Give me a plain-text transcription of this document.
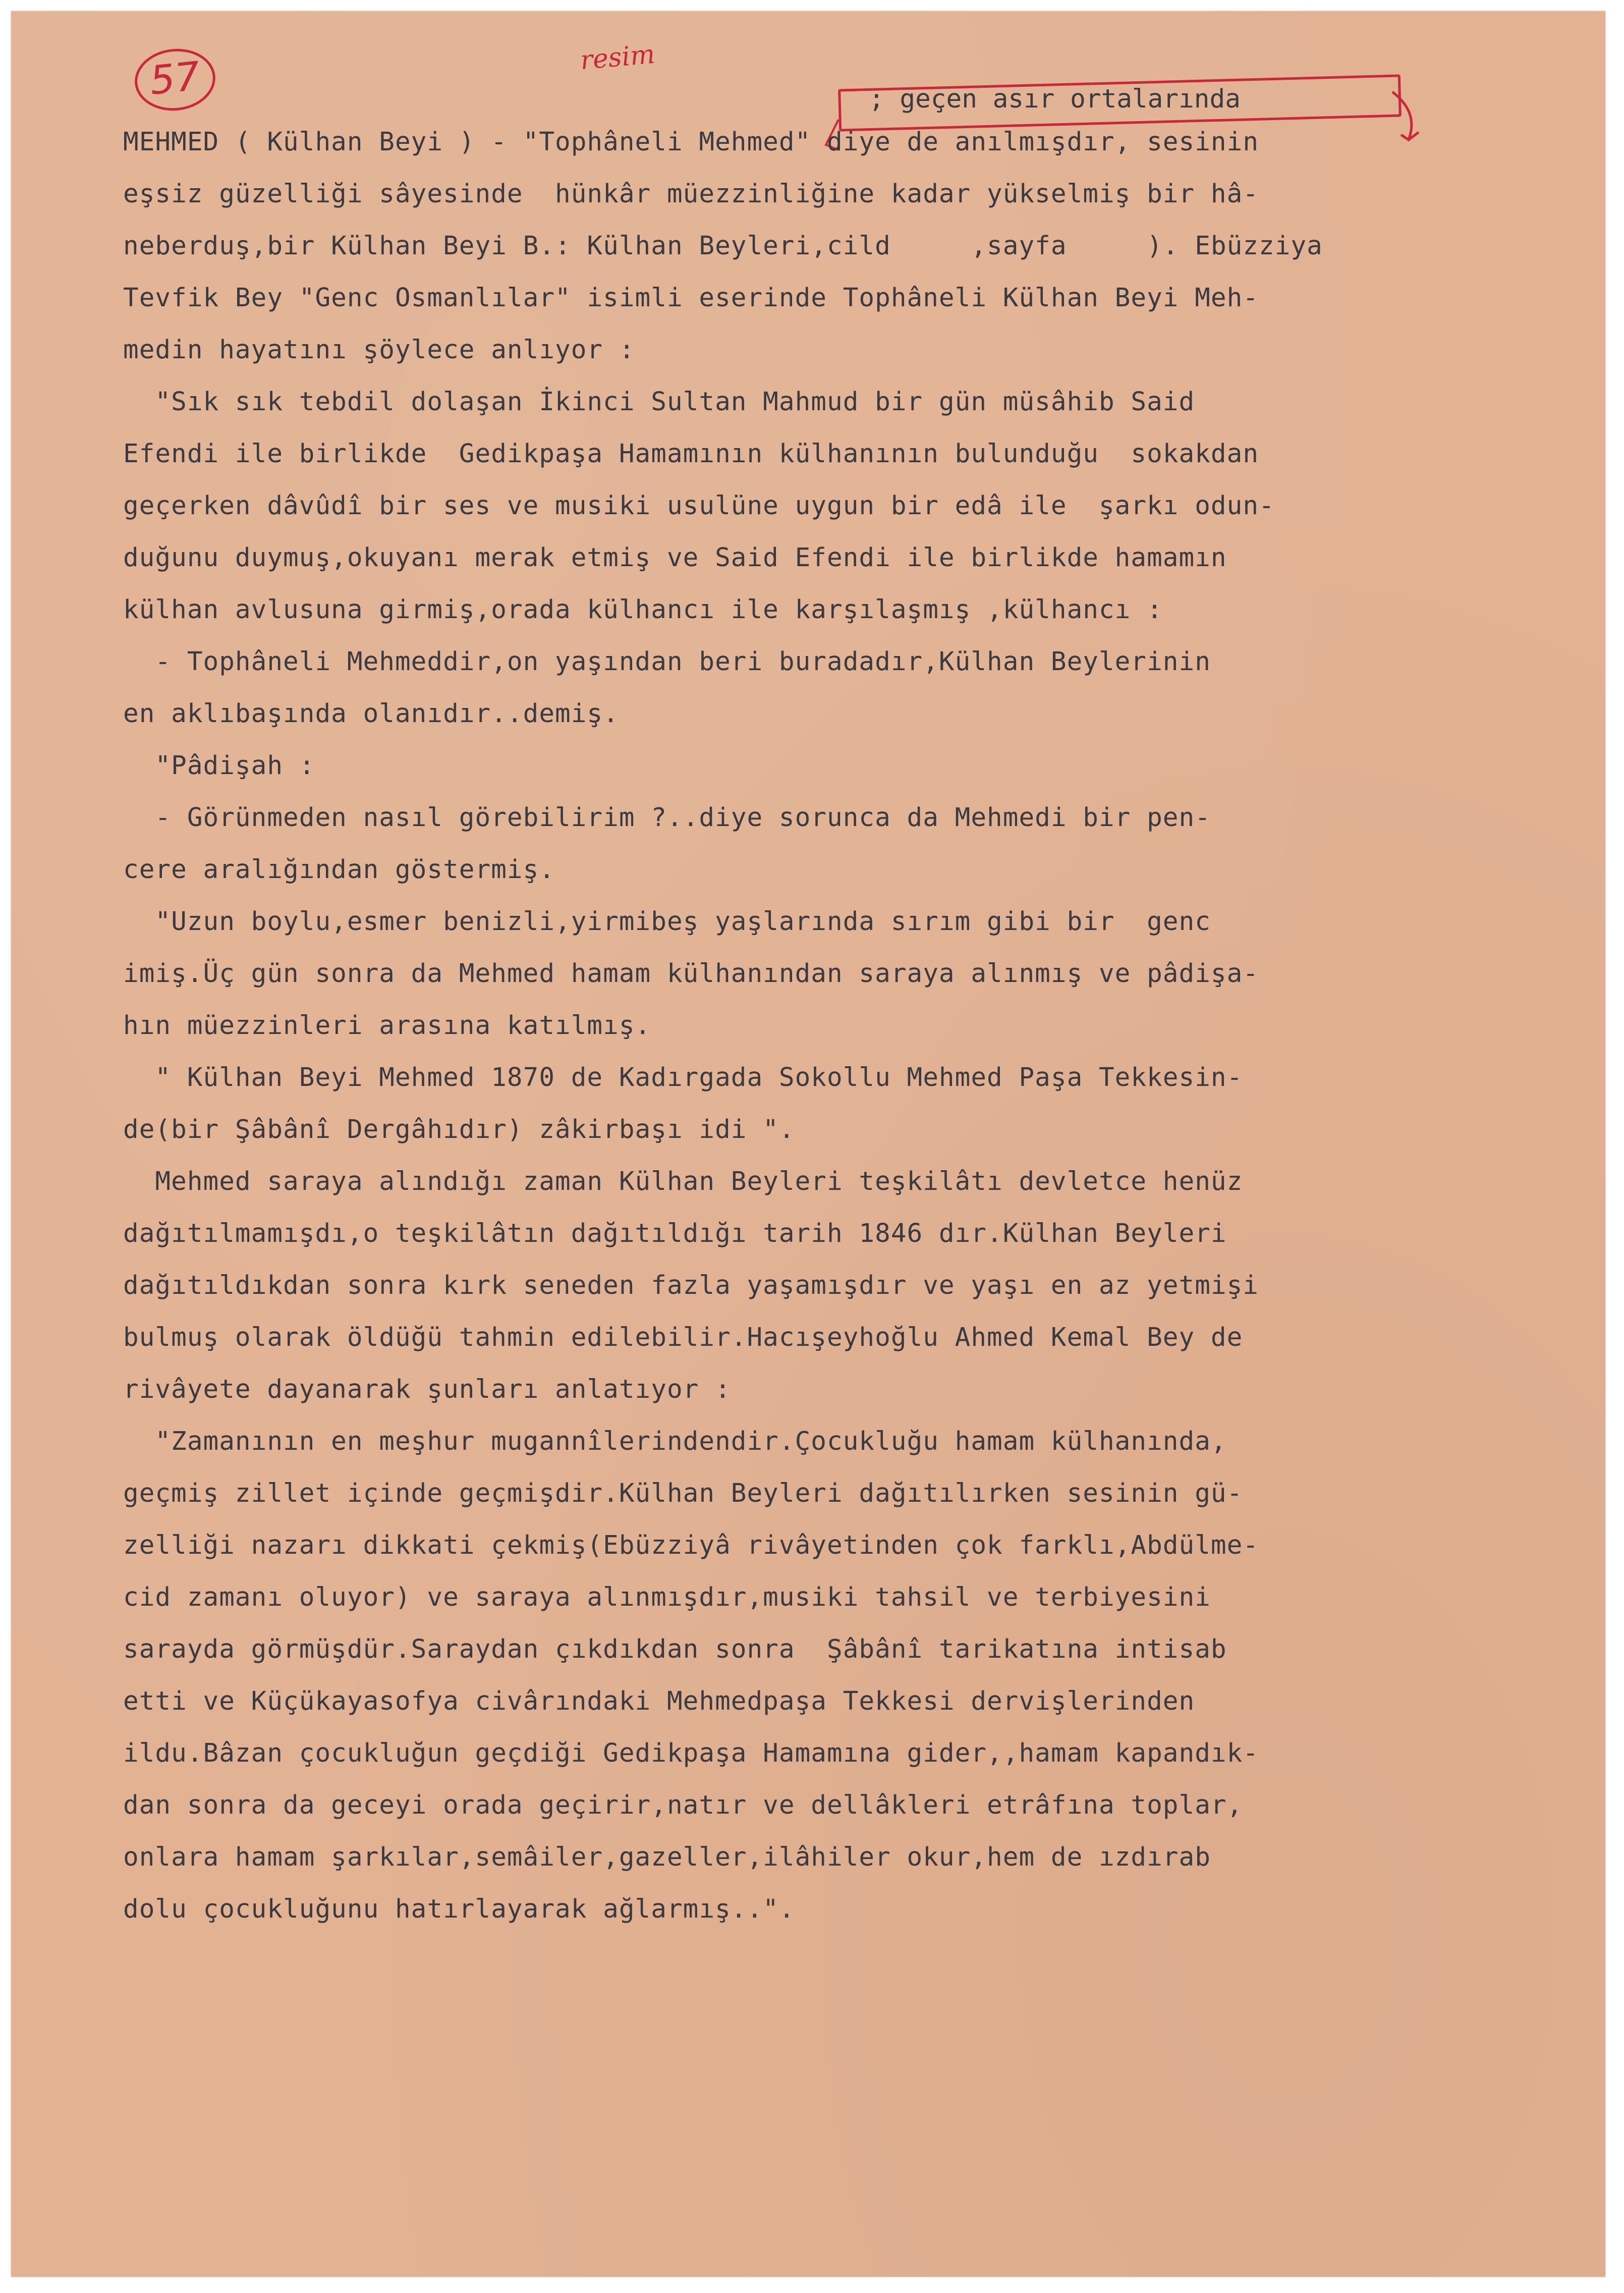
57	resim
; geçen asır ortalarında
MEHMED ( Külhan Beyi ) - "Tophâneli Mehmed" diye de anılmışdır, sesinin
eşsiz güzelliği sâyesinde  hünkâr müezzinliğine kadar yükselmiş bir hâ-
neberduş,bir Külhan Beyi B.: Külhan Beyleri,cild     ,sayfa     ). Ebüzziya
Tevfik Bey "Genc Osmanlılar" isimli eserinde Tophâneli Külhan Beyi Meh-
medin hayatını şöylece anlıyor :
"Sık sık tebdil dolaşan İkinci Sultan Mahmud bir gün müsâhib Said
Efendi ile birlikde  Gedikpaşa Hamamının külhanının bulunduğu  sokakdan
geçerken dâvûdî bir ses ve musiki usulüne uygun bir edâ ile  şarkı odun-
duğunu duymuş,okuyanı merak etmiş ve Said Efendi ile birlikde hamamın
külhan avlusuna girmiş,orada külhancı ile karşılaşmış ,külhancı :
- Tophâneli Mehmeddir,on yaşından beri buradadır,Külhan Beylerinin
en aklıbaşında olanıdır..demiş.
"Pâdişah :
- Görünmeden nasıl görebilirim ?..diye sorunca da Mehmedi bir pen-
cere aralığından göstermiş.
"Uzun boylu,esmer benizli,yirmibeş yaşlarında sırım gibi bir  genc
imiş.Üç gün sonra da Mehmed hamam külhanından saraya alınmış ve pâdişa-
hın müezzinleri arasına katılmış.
" Külhan Beyi Mehmed 1870 de Kadırgada Sokollu Mehmed Paşa Tekkesin-
de(bir Şâbânî Dergâhıdır) zâkirbaşı idi ".
Mehmed saraya alındığı zaman Külhan Beyleri teşkilâtı devletce henüz
dağıtılmamışdı,o teşkilâtın dağıtıldığı tarih 1846 dır.Külhan Beyleri
dağıtıldıkdan sonra kırk seneden fazla yaşamışdır ve yaşı en az yetmişi
bulmuş olarak öldüğü tahmin edilebilir.Hacışeyhoğlu Ahmed Kemal Bey de
rivâyete dayanarak şunları anlatıyor :
"Zamanının en meşhur mugannîlerindendir.Çocukluğu hamam külhanında,
geçmiş zillet içinde geçmişdir.Külhan Beyleri dağıtılırken sesinin gü-
zelliği nazarı dikkati çekmiş(Ebüzziyâ rivâyetinden çok farklı,Abdülme-
cid zamanı oluyor) ve saraya alınmışdır,musiki tahsil ve terbiyesini
sarayda görmüşdür.Saraydan çıkdıkdan sonra  Şâbânî tarikatına intisab
etti ve Küçükayasofya civârındaki Mehmedpaşa Tekkesi dervişlerinden
ildu.Bâzan çocukluğun geçdiği Gedikpaşa Hamamına gider,,hamam kapandık-
dan sonra da geceyi orada geçirir,natır ve dellâkleri etrâfına toplar,
onlara hamam şarkılar,semâiler,gazeller,ilâhiler okur,hem de ızdırab
dolu çocukluğunu hatırlayarak ağlarmış..".
